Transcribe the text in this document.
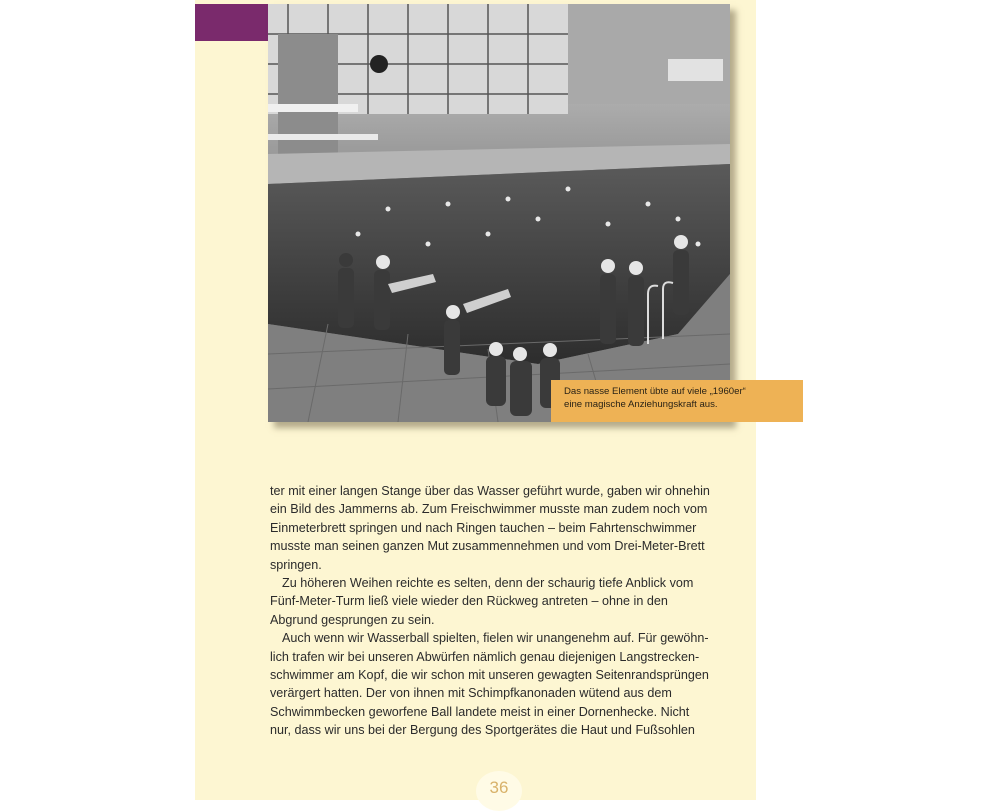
Das nasse Element übte auf viele „1960er“
eine magische Anziehungskraft aus.
ter mit einer langen Stange über das Wasser geführt wurde, gaben wir ohnehin
ein Bild des Jammerns ab. Zum Freischwimmer musste man zudem noch vom
Einmeterbrett springen und nach Ringen tauchen – beim Fahrtenschwimmer
musste man seinen ganzen Mut zusammennehmen und vom Drei-Meter-Brett
springen.
Zu höheren Weihen reichte es selten, denn der schaurig tiefe Anblick vom
Fünf-Meter-Turm ließ viele wieder den Rückweg antreten – ohne in den
Abgrund gesprungen zu sein.
Auch wenn wir Wasserball spielten, fielen wir unangenehm auf. Für gewöhn-
lich trafen wir bei unseren Abwürfen nämlich genau diejenigen Langstrecken-
schwimmer am Kopf, die wir schon mit unseren gewagten Seitenrandsprüngen
verärgert hatten. Der von ihnen mit Schimpfkanonaden wütend aus dem
Schwimmbecken geworfene Ball landete meist in einer Dornenhecke. Nicht
nur, dass wir uns bei der Bergung des Sportgerätes die Haut und Fußsohlen
36
